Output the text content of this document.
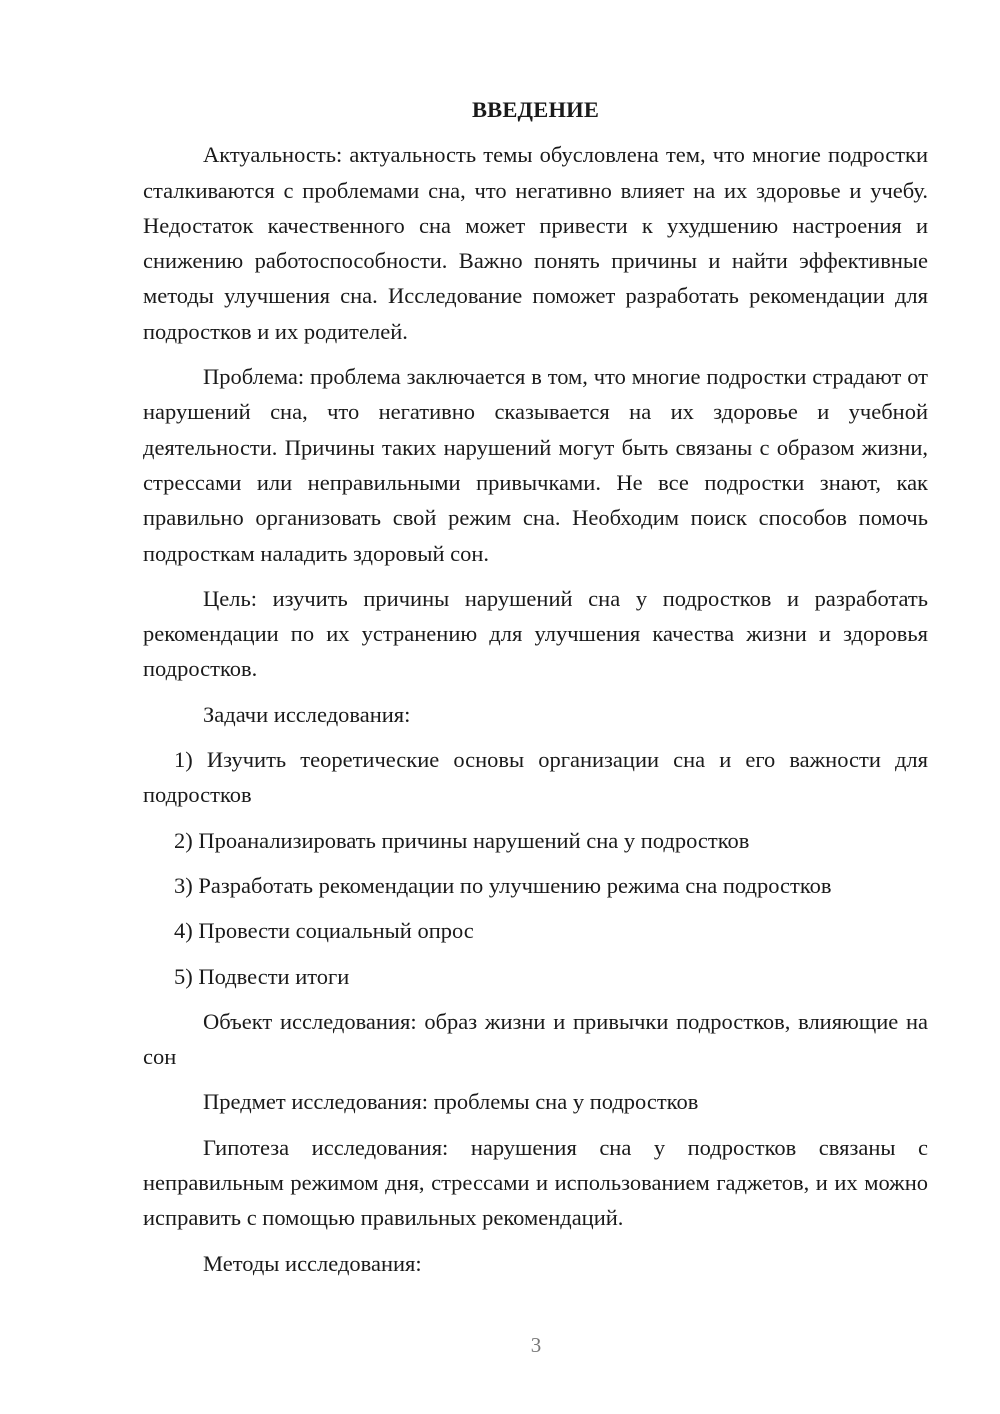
ВВЕДЕНИЕ
Актуальность: актуальность темы обусловлена тем, что многие подростки сталкиваются с проблемами сна, что негативно влияет на их здоровье и учебу. Недостаток качественного сна может привести к ухудшению настроения и снижению работоспособности. Важно понять причины и найти эффективные методы улучшения сна. Исследование поможет разработать рекомендации для подростков и их родителей.
Проблема: проблема заключается в том, что многие подростки страдают от нарушений сна, что негативно сказывается на их здоровье и учебной деятельности. Причины таких нарушений могут быть связаны с образом жизни, стрессами или неправильными привычками. Не все подростки знают, как правильно организовать свой режим сна. Необходим поиск способов помочь подросткам наладить здоровый сон.
Цель: изучить причины нарушений сна у подростков и разработать рекомендации по их устранению для улучшения качества жизни и здоровья подростков.
Задачи исследования:
1) Изучить теоретические основы организации сна и его важности для подростков
2) Проанализировать причины нарушений сна у подростков
3) Разработать рекомендации по улучшению режима сна подростков
4) Провести социальный опрос
5) Подвести итоги
Объект исследования: образ жизни и привычки подростков, влияющие на сон
Предмет исследования: проблемы сна у подростков
Гипотеза исследования: нарушения сна у подростков связаны с неправильным режимом дня, стрессами и использованием гаджетов, и их можно исправить с помощью правильных рекомендаций.
Методы исследования:
3
